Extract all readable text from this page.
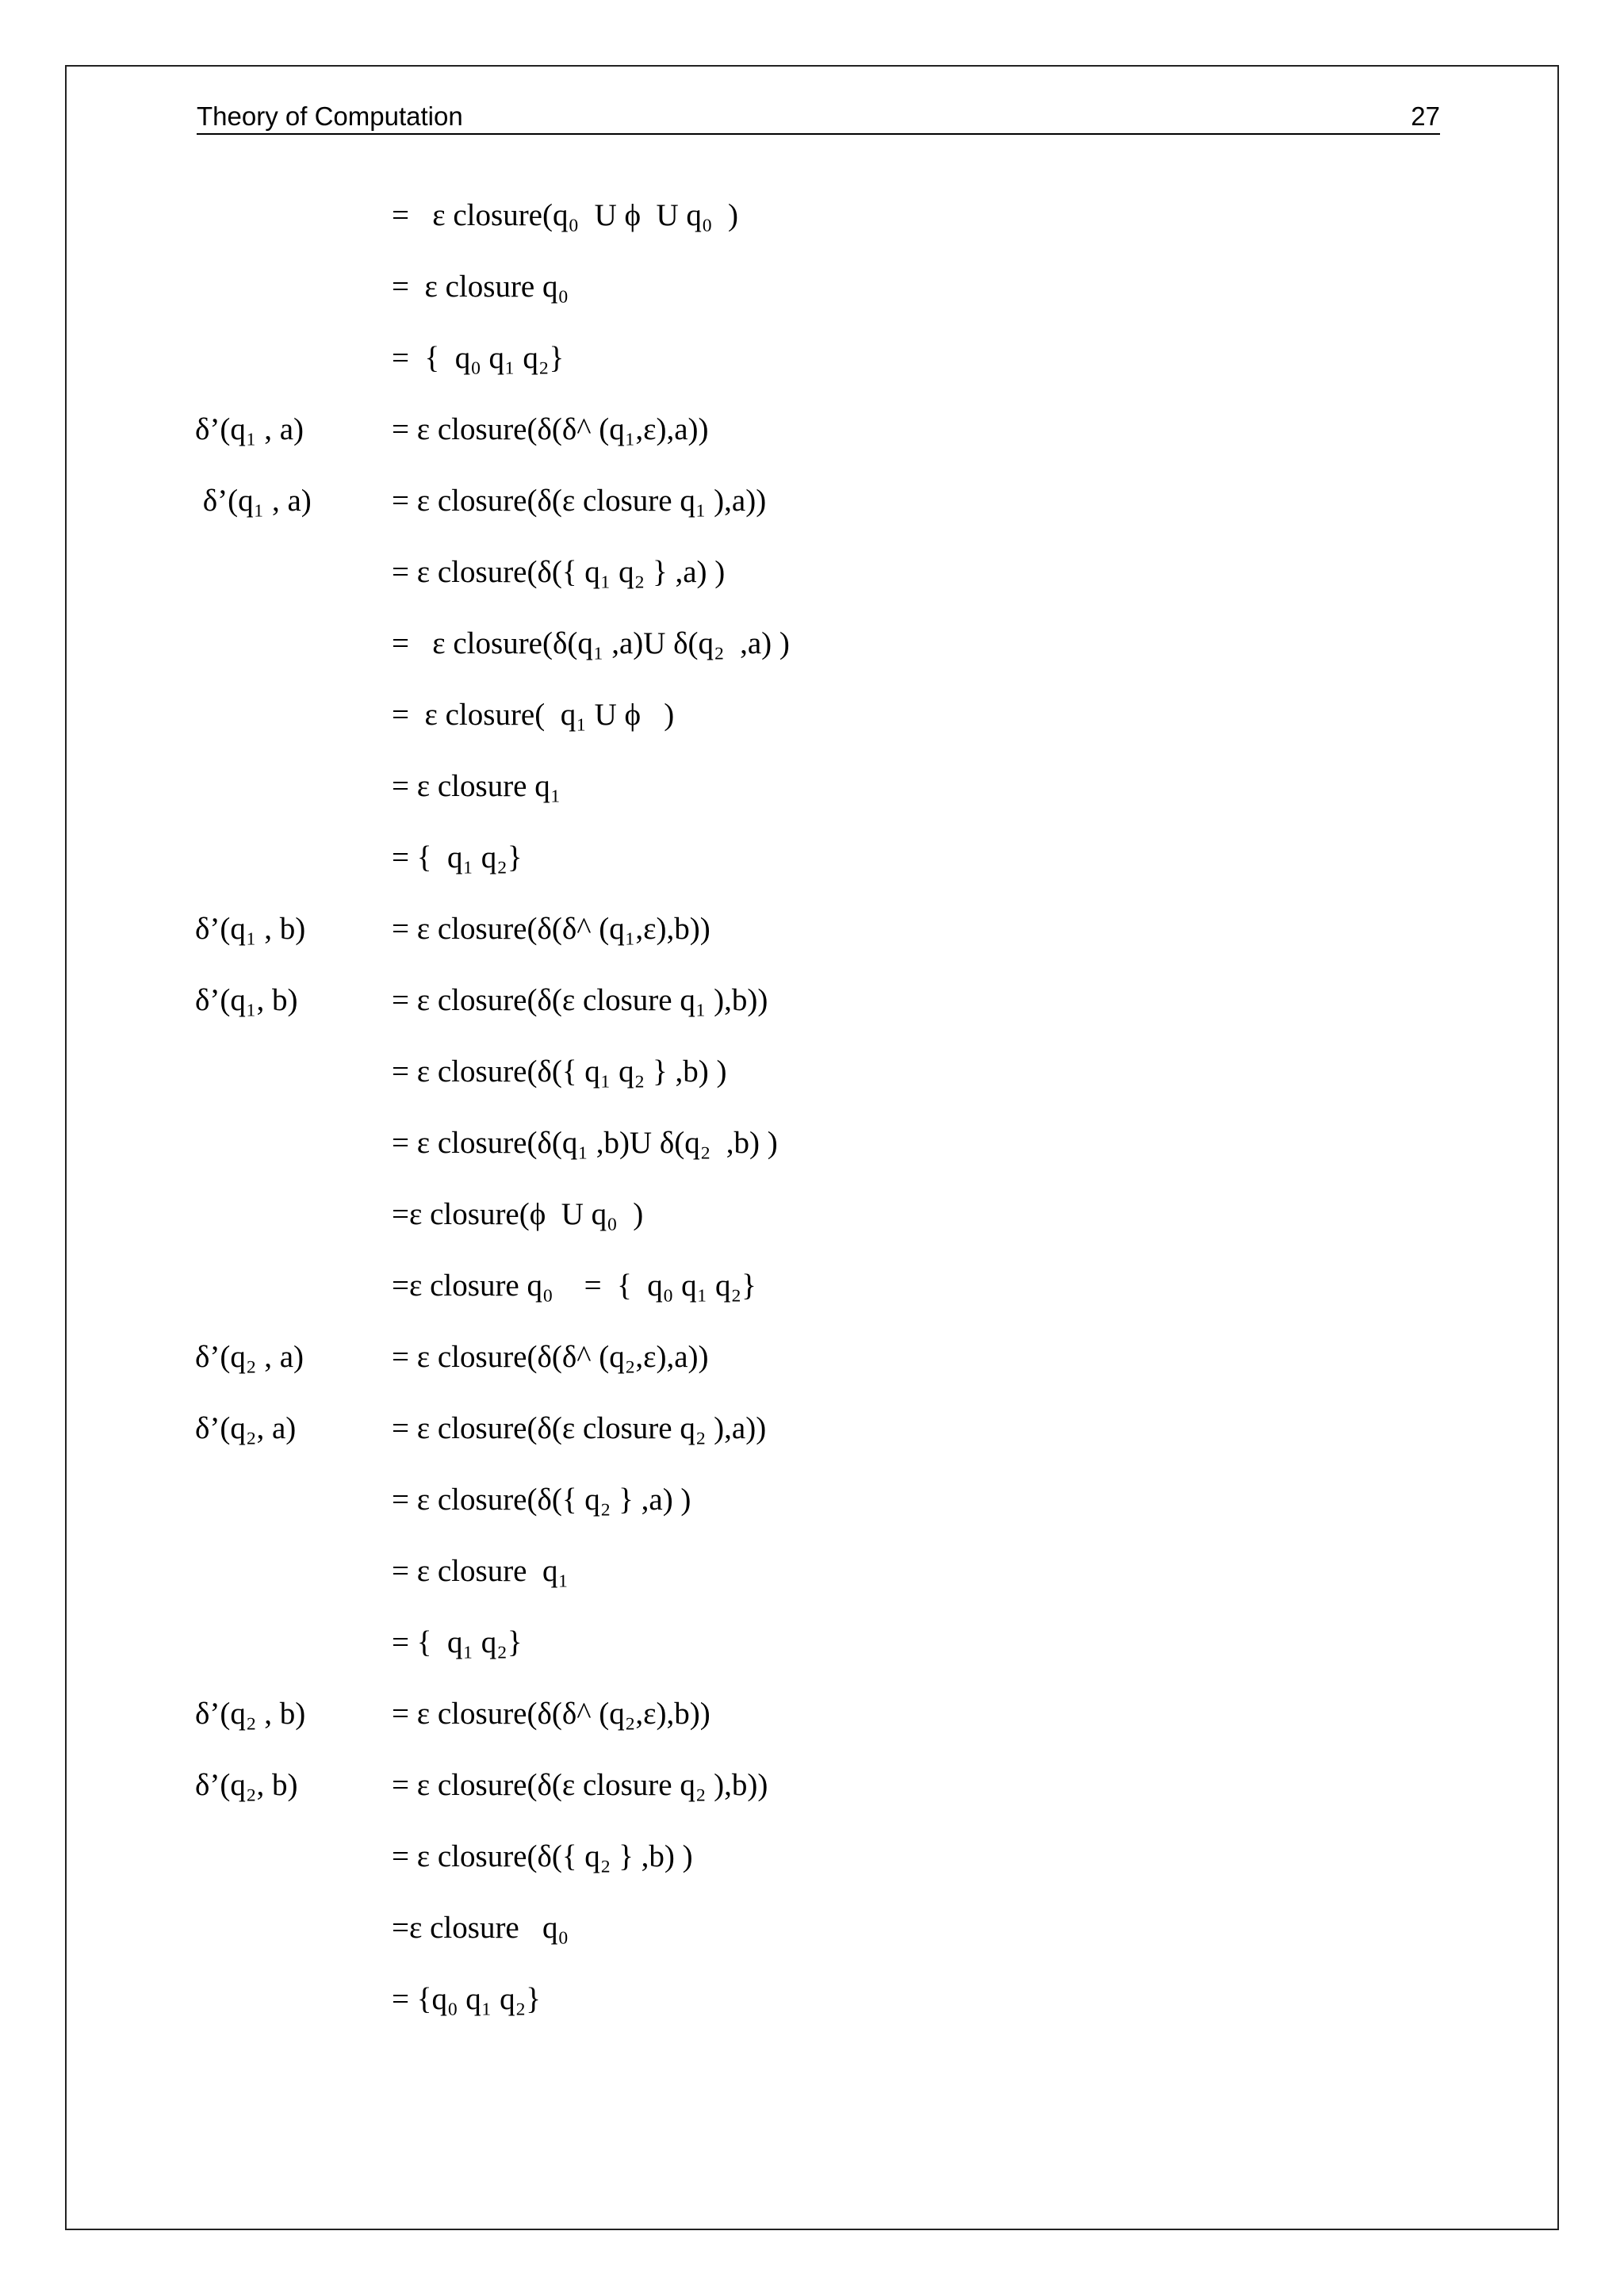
Theory of Computation	27
=   ε closure(q₀  U ϕ  U q₀  )
=  ε closure q₀
=  {  q₀ q₁ q₂}
δ’(q₁ , a)	= ε closure(δ(δ^ (q₁,ε),a))
δ’(q₁ , a)	= ε closure(δ(ε closure q₁ ),a))
= ε closure(δ({ q₁ q₂ } ,a) )
=   ε closure(δ(q₁ ,a)U δ(q₂  ,a) )
=  ε closure(  q₁ U ϕ   )
= ε closure q₁
= {  q₁ q₂}
δ’(q₁ , b)	= ε closure(δ(δ^ (q₁,ε),b))
δ’(q₁, b)	= ε closure(δ(ε closure q₁ ),b))
= ε closure(δ({ q₁ q₂ } ,b) )
= ε closure(δ(q₁ ,b)U δ(q₂  ,b) )
=ε closure(ϕ  U q₀  )
=ε closure q₀    =  {  q₀ q₁ q₂}
δ’(q₂ , a)	= ε closure(δ(δ^ (q₂,ε),a))
δ’(q₂, a)	= ε closure(δ(ε closure q₂ ),a))
= ε closure(δ({ q₂ } ,a) )
= ε closure  q₁
= {  q₁ q₂}
δ’(q₂ , b)	= ε closure(δ(δ^ (q₂,ε),b))
δ’(q₂, b)	= ε closure(δ(ε closure q₂ ),b))
= ε closure(δ({ q₂ } ,b) )
=ε closure   q₀
= {q₀ q₁ q₂}
